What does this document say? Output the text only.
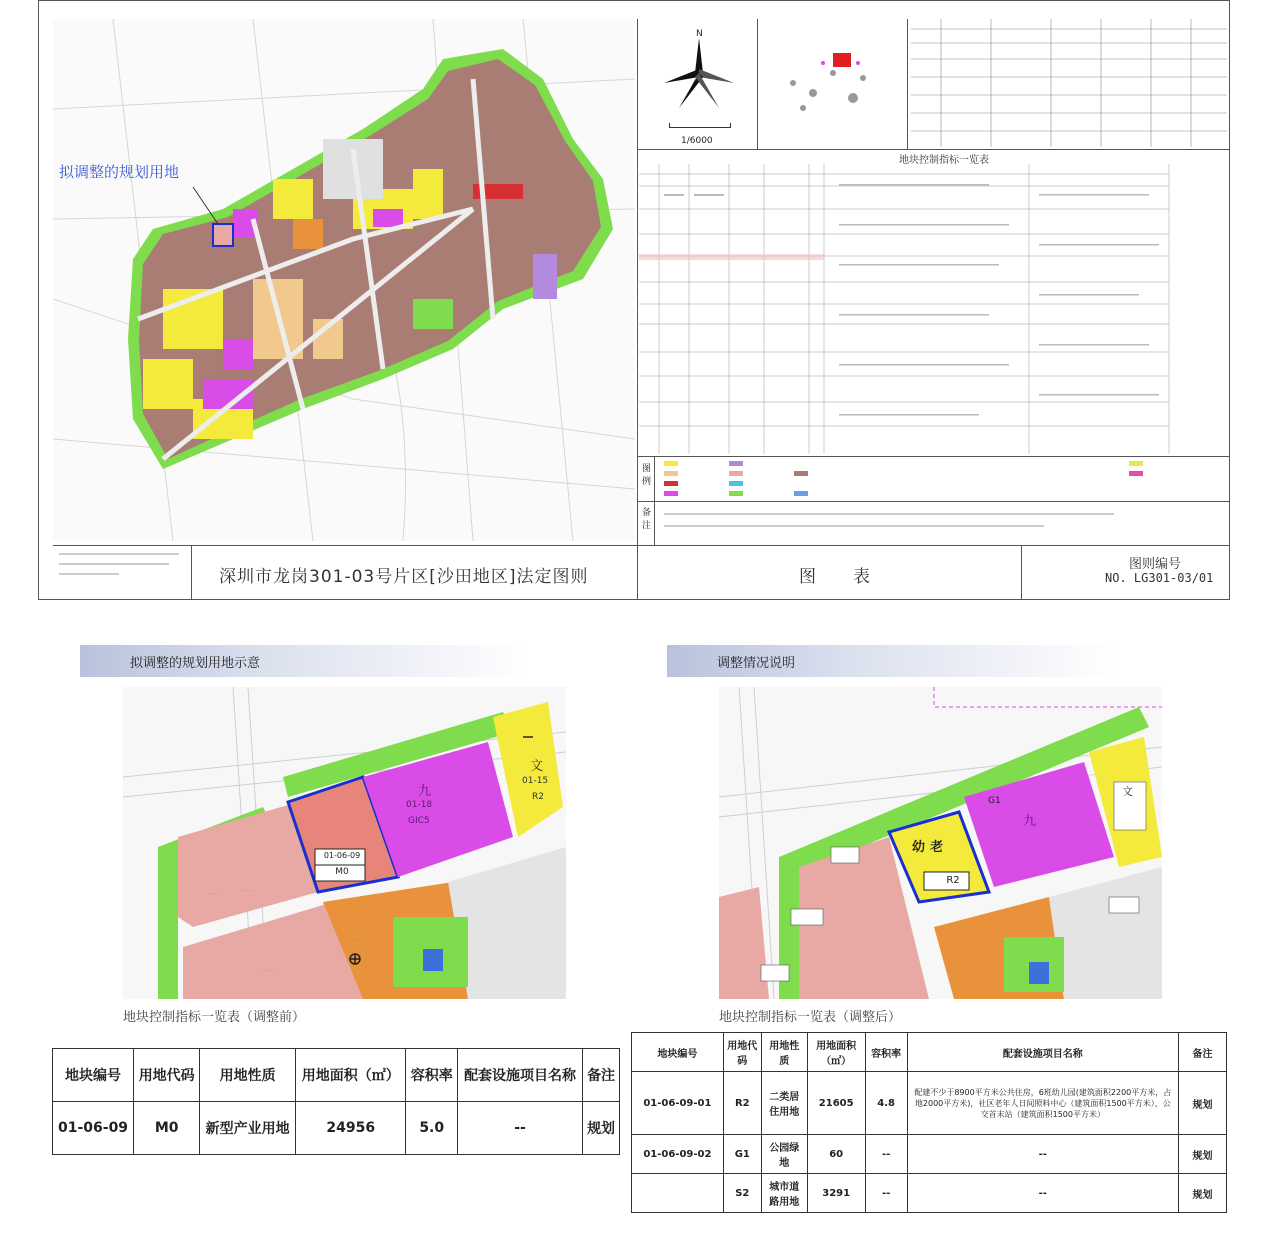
拟调整的规划用地
N
1/6000
地块控制指标一览表
图例
备注
深圳市龙岗301-03号片区[沙田地区]法定图则	图　　表
图则编号
NO. LG301-03/01
拟调整的规划用地示意
· · · ·	· · · ·
· · · ·
· · · ·
01-06-09
M0
九
01-18
GIC5
文
01-15
R2
地块控制指标一览表（调整前）
地块编号	用地代码	用地性质	用地面积（㎡）	容积率	配套设施项目名称	备注
01-06-09	M0	新型产业用地	24956	5.0	--	规划
调整情况说明
幼 老
R2
G1
九
文
地块控制指标一览表（调整后）
地块编号	用地代码	用地性质	用地面积（㎡）	容积率	配套设施项目名称	备注
01-06-09-01	R2	二类居住用地	21605	4.8	配建不少于8900平方米公共住房，6班幼儿园(建筑面积2200平方米，占地2000平方米)，社区老年人日间照料中心（建筑面积1500平方米），公交首末站（建筑面积1500平方米）	规划
01-06-09-02	G1	公园绿地	60	--	--	规划
	S2	城市道路用地	3291	--	--	规划
